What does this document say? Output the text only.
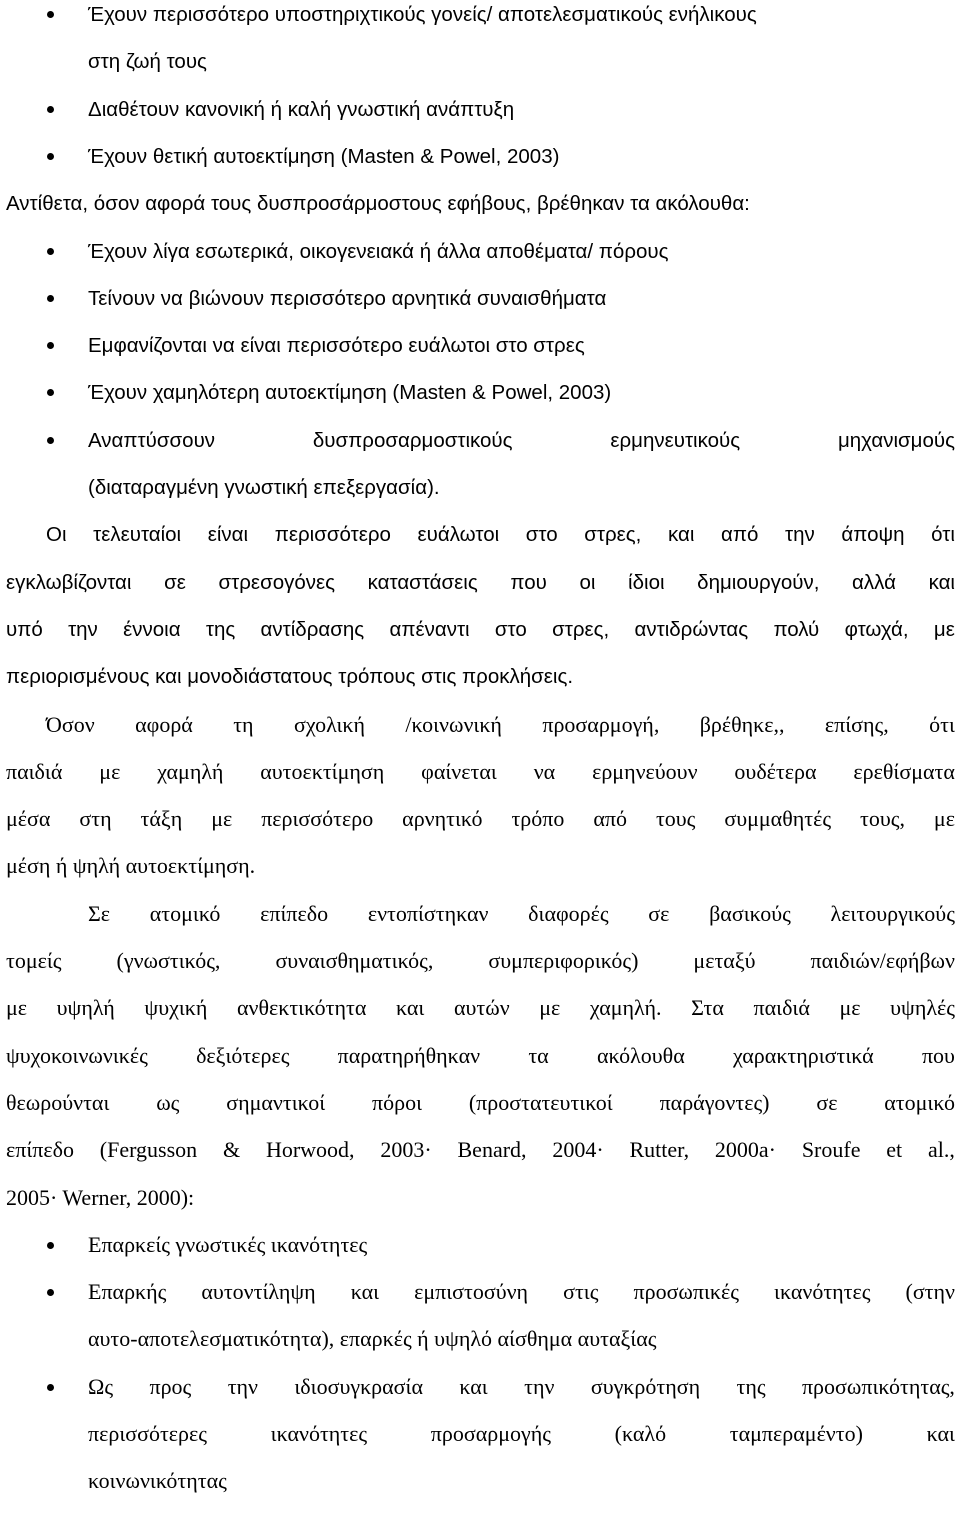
Έχουν περισσότερο υποστηριχτικούς γονείς/ αποτελεσματικούς ενήλικους
στη ζωή τους
Διαθέτουν κανονική ή καλή γνωστική ανάπτυξη
Έχουν θετική αυτοεκτίμηση (Masten & Powel, 2003)
Αντίθετα, όσον αφορά τους δυσπροσάρμοστους εφήβους, βρέθηκαν τα ακόλουθα:
Έχουν λίγα εσωτερικά, οικογενειακά ή άλλα αποθέματα/ πόρους
Τείνουν να βιώνουν περισσότερο αρνητικά συναισθήματα
Εμφανίζονται να είναι περισσότερο ευάλωτοι στο στρες
Έχουν χαμηλότερη αυτοεκτίμηση (Masten & Powel, 2003)
Αναπτύσσουν	δυσπροσαρμοστικούς	ερμηνευτικούς	μηχανισμούς
(διαταραγμένη γνωστική επεξεργασία).
Οι τελευταίοι είναι περισσότερο ευάλωτοι στο στρες, και από την άποψη ότι
εγκλωβίζονται σε στρεσογόνες καταστάσεις που οι ίδιοι δημιουργούν, αλλά και
υπό την έννοια της αντίδρασης απέναντι στο στρες, αντιδρώντας πολύ φτωχά, με
περιορισμένους και μονοδιάστατους τρόπους στις προκλήσεις.
Όσον αφορά τη σχολική /κοινωνική προσαρμογή, βρέθηκε,, επίσης, ότι
παιδιά με χαμηλή αυτοεκτίμηση φαίνεται να ερμηνεύουν ουδέτερα ερεθίσματα
μέσα στη τάξη με περισσότερο αρνητικό τρόπο από τους συμμαθητές τους, με
μέση ή ψηλή αυτοεκτίμηση.
Σε ατομικό επίπεδο εντοπίστηκαν διαφορές σε βασικούς λειτουργικούς
τομείς	(γνωστικός,	συναισθηματικός,	συμπεριφορικός)	μεταξύ	παιδιών/εφήβων
με υψηλή ψυχική ανθεκτικότητα και αυτών με χαμηλή. Στα παιδιά με υψηλές
ψυχοκοινωνικές δεξιότερες παρατηρήθηκαν τα ακόλουθα χαρακτηριστικά που
θεωρούνται ως σημαντικοί πόροι (προστατευτικοί παράγοντες) σε ατομικό
επίπεδο (Fergusson & Horwood, 2003· Benard, 2004· Rutter, 2000a· Sroufe et al.,
2005· Werner, 2000):
Επαρκείς γνωστικές ικανότητες
Επαρκής αυτοντίληψη και εμπιστοσύνη στις προσωπικές ικανότητες (στην
αυτο-αποτελεσματικότητα), επαρκές ή υψηλό αίσθημα αυταξίας
Ως προς την ιδιοσυγκρασία και την συγκρότηση της προσωπικότητας,
περισσότερες	ικανότητες	προσαρμογής	(καλό	ταμπεραμέντο)	και
κοινωνικότητας
